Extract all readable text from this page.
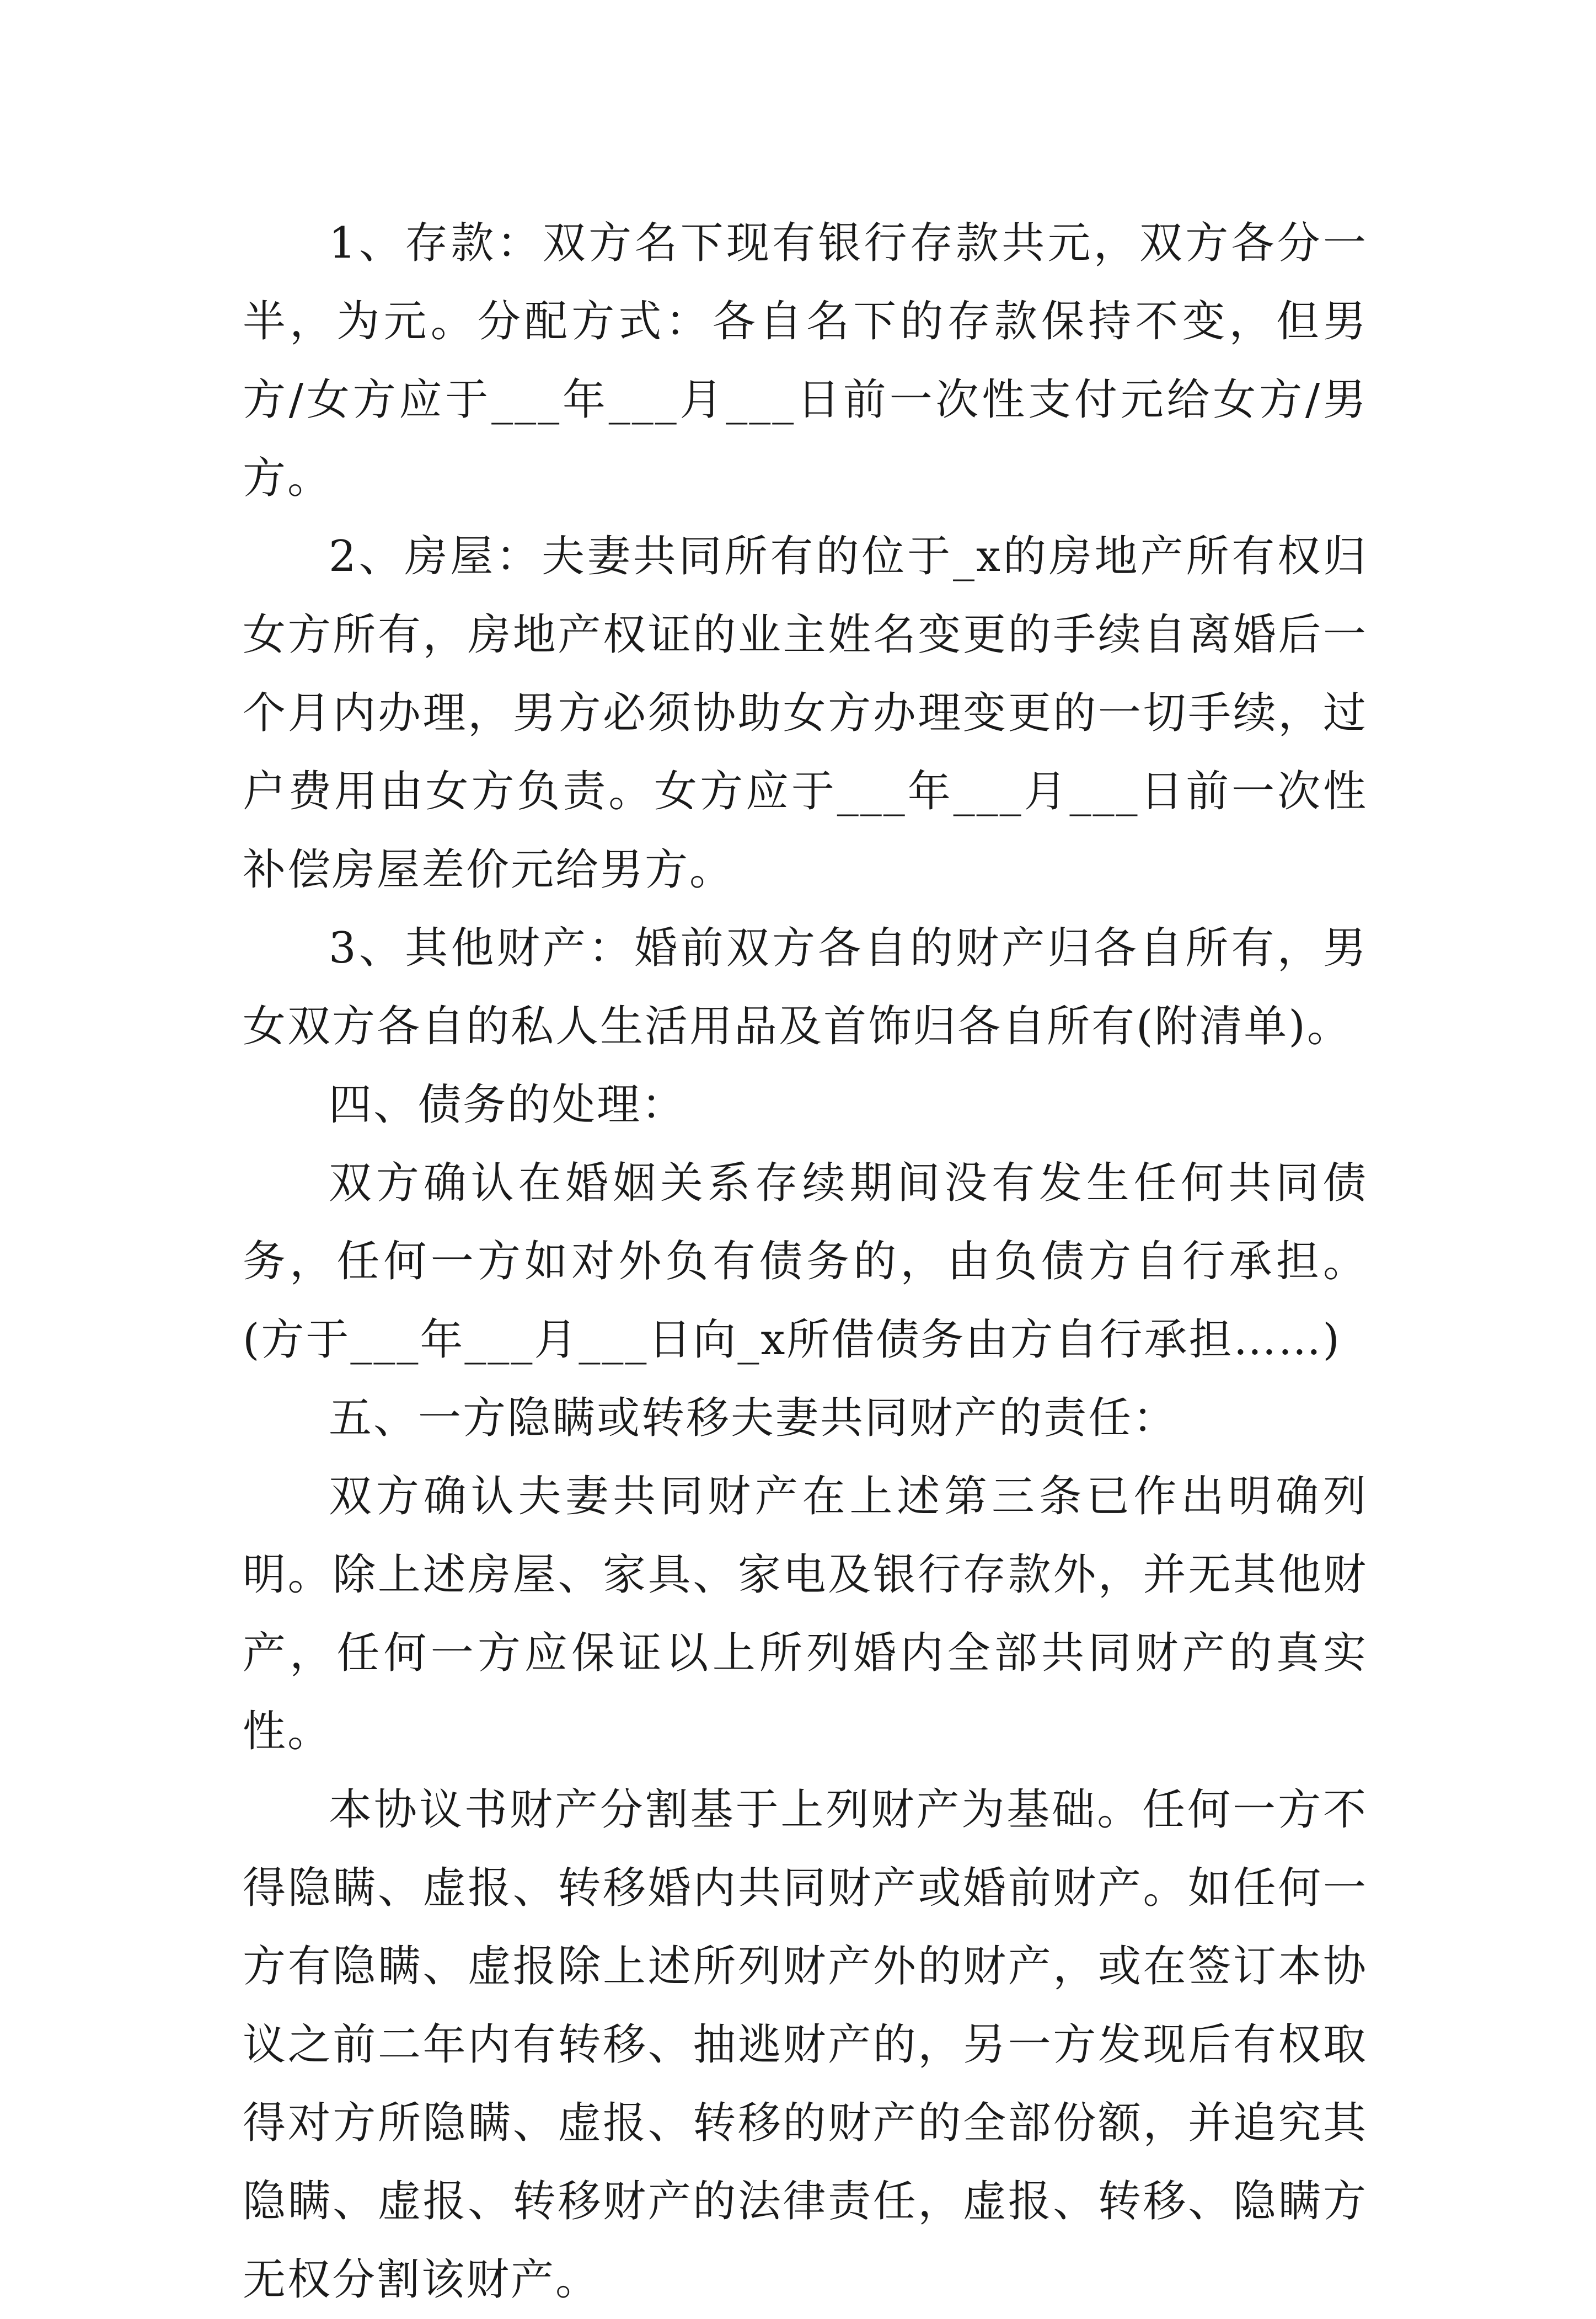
1、存款：双方名下现有银行存款共元，双方各分一半，为元。分配方式：各自名下的存款保持不变，但男方/女方应于___年___月___日前一次性支付元给女方/男方。

2、房屋：夫妻共同所有的位于_x的房地产所有权归女方所有，房地产权证的业主姓名变更的手续自离婚后一个月内办理，男方必须协助女方办理变更的一切手续，过户费用由女方负责。女方应于___年___月___日前一次性补偿房屋差价元给男方。

3、其他财产：婚前双方各自的财产归各自所有，男女双方各自的私人生活用品及首饰归各自所有(附清单)。

四、债务的处理：

双方确认在婚姻关系存续期间没有发生任何共同债务，任何一方如对外负有债务的，由负债方自行承担。(方于___年___月___日向_x所借债务由方自行承担……)

五、一方隐瞒或转移夫妻共同财产的责任：

双方确认夫妻共同财产在上述第三条已作出明确列明。除上述房屋、家具、家电及银行存款外，并无其他财产，任何一方应保证以上所列婚内全部共同财产的真实性。

本协议书财产分割基于上列财产为基础。任何一方不得隐瞒、虚报、转移婚内共同财产或婚前财产。如任何一方有隐瞒、虚报除上述所列财产外的财产，或在签订本协议之前二年内有转移、抽逃财产的，另一方发现后有权取得对方所隐瞒、虚报、转移的财产的全部份额，并追究其隐瞒、虚报、转移财产的法律责任，虚报、转移、隐瞒方无权分割该财产。
